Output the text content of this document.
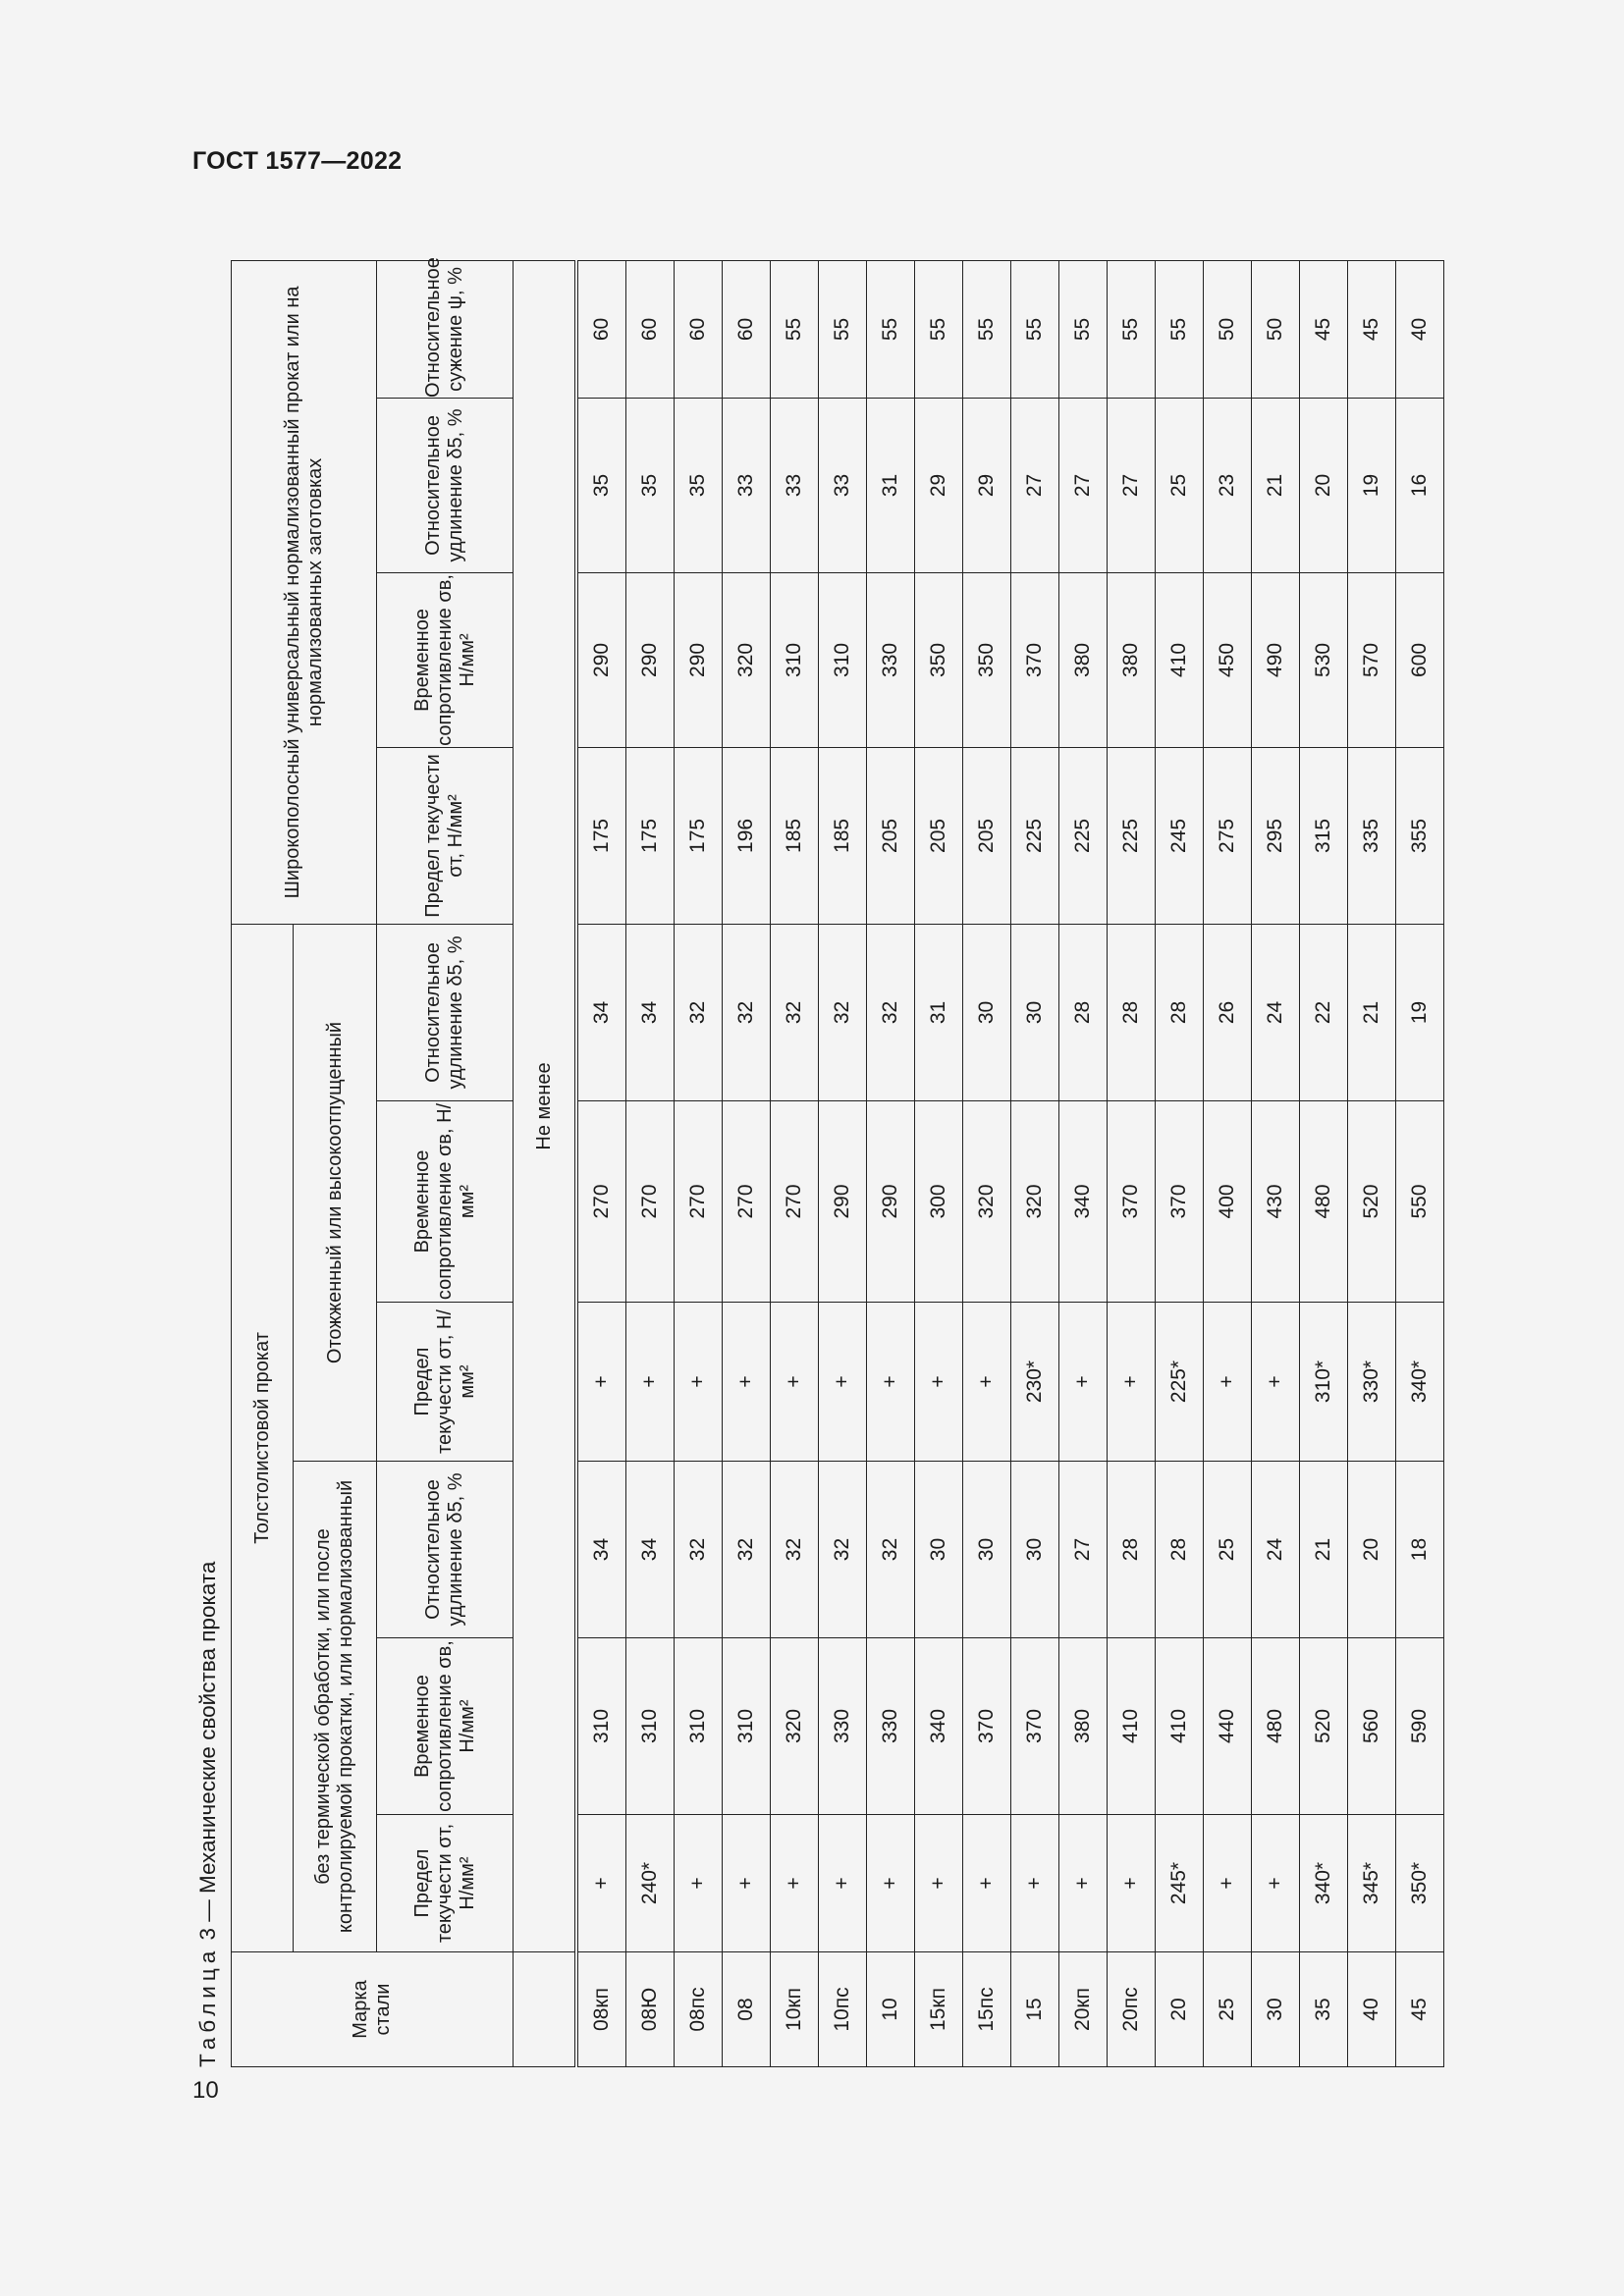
ГОСТ 1577—2022
10
Таблица 3 — Механические свойства проката
Марка стали	Толстолистовой прокат						Широкополосный универсальный нормализованный прокат или на нормализованных заготовках			
	без термической обработки, или после контролируемой прокатки, или нормализованный			Отожженный или высокоотпущенный						
	Предел текучести σт, Н/мм²	Временное сопротивление σв, Н/мм²	Относительное удлинение δ5, %	Предел текучести σт, Н/мм²	Временное сопротивление σв, Н/мм²	Относительное удлинение δ5, %	Предел текучести σт, Н/мм²	Временное сопротивление σв, Н/мм²	Относительное удлинение δ5, %	Относительное сужение ψ, %
	Не менее									
08кп	+	310	34	+	270	34	175	290	35	60
08Ю	240*	310	34	+	270	34	175	290	35	60
08пс	+	310	32	+	270	32	175	290	35	60
08	+	310	32	+	270	32	196	320	33	60
10кп	+	320	32	+	270	32	185	310	33	55
10пс	+	330	32	+	290	32	185	310	33	55
10	+	330	32	+	290	32	205	330	31	55
15кп	+	340	30	+	300	31	205	350	29	55
15пс	+	370	30	+	320	30	205	350	29	55
15	+	370	30	230*	320	30	225	370	27	55
20кп	+	380	27	+	340	28	225	380	27	55
20пс	+	410	28	+	370	28	225	380	27	55
20	245*	410	28	225*	370	28	245	410	25	55
25	+	440	25	+	400	26	275	450	23	50
30	+	480	24	+	430	24	295	490	21	50
35	340*	520	21	310*	480	22	315	530	20	45
40	345*	560	20	330*	520	21	335	570	19	45
45	350*	590	18	340*	550	19	355	600	16	40
